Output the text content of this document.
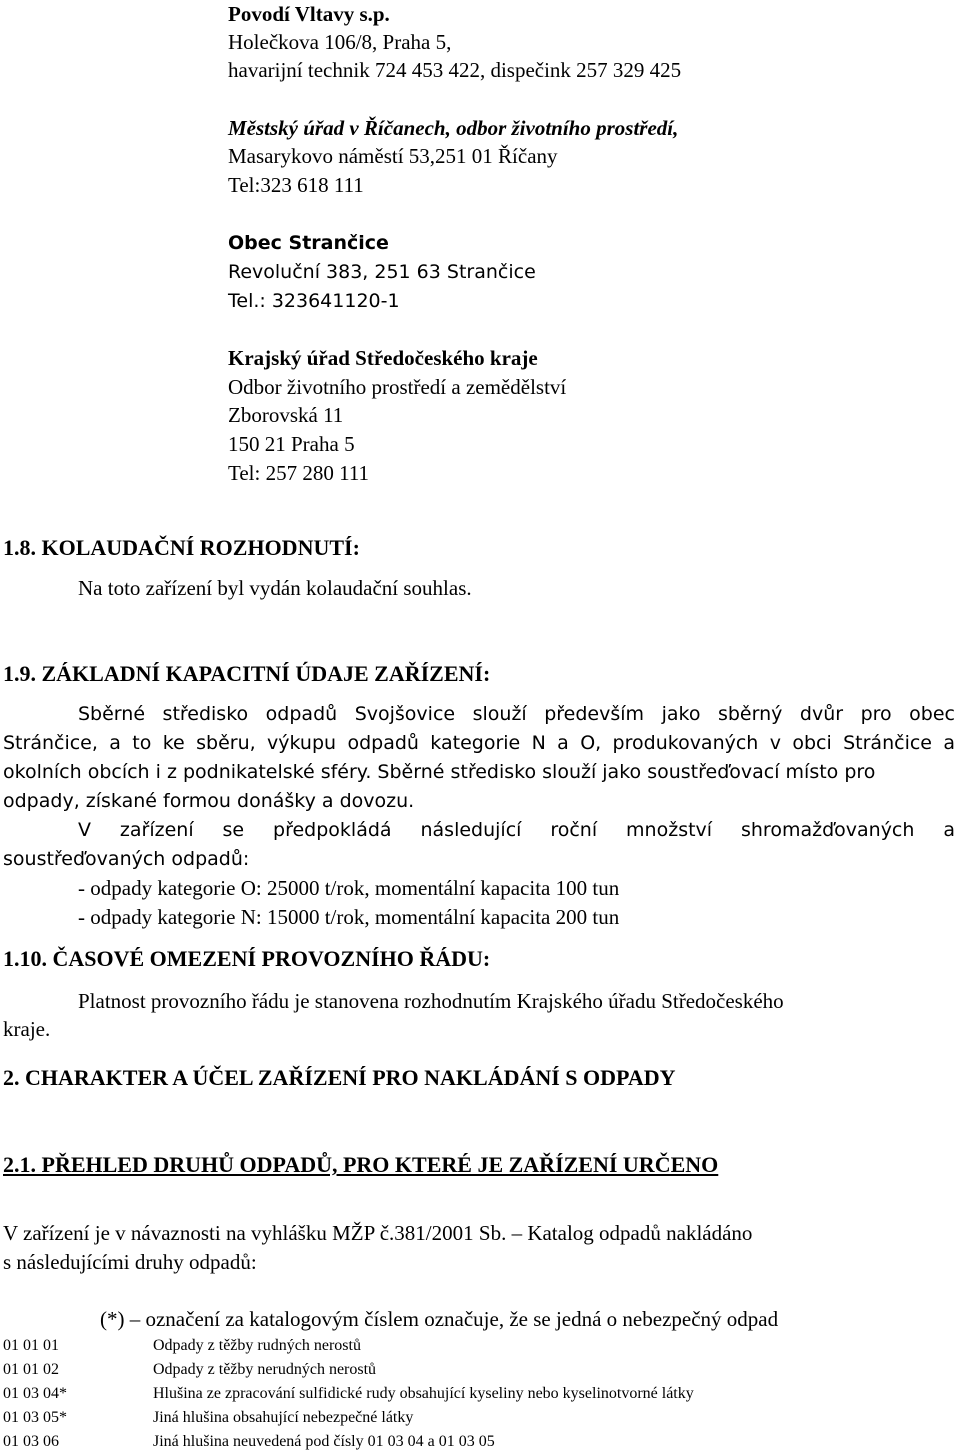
Povodí Vltavy s.p.
Holečkova 106/8, Praha 5,
havarijní technik 724 453 422, dispečink 257 329 425
Městský úřad v Říčanech, odbor životního prostředí,
Masarykovo náměstí 53,251 01 Říčany
Tel:323 618 111
Obec Strančice
Revoluční 383, 251 63 Strančice
Tel.: 323641120-1
Krajský úřad Středočeského kraje
Odbor životního prostředí a zemědělství
Zborovská 11
150 21 Praha 5
Tel: 257 280 111
1.8. KOLAUDAČNÍ ROZHODNUTÍ:
Na toto zařízení byl vydán kolaudační souhlas.
1.9. ZÁKLADNÍ KAPACITNÍ ÚDAJE ZAŘÍZENÍ:
Sběrné středisko odpadů Svojšovice slouží především jako sběrný dvůr pro obec
Stránčice, a to ke sběru, výkupu odpadů kategorie N a O, produkovaných v obci Stránčice a
okolních obcích i z podnikatelské sféry. Sběrné středisko slouží jako soustřeďovací místo pro
odpady, získané formou donášky a dovozu.
V zařízení se předpokládá následující roční množství shromažďovaných a
soustřeďovaných odpadů:
- odpady kategorie O: 25000 t/rok, momentální kapacita 100 tun
- odpady kategorie N: 15000 t/rok, momentální kapacita 200 tun
1.10. ČASOVÉ OMEZENÍ PROVOZNÍHO ŘÁDU:
Platnost provozního řádu je stanovena rozhodnutím Krajského úřadu Středočeského
kraje.
2. CHARAKTER A ÚČEL ZAŘÍZENÍ PRO NAKLÁDÁNÍ S ODPADY
2.1. PŘEHLED DRUHŮ ODPADŮ, PRO KTERÉ JE ZAŘÍZENÍ URČENO
V zařízení je v návaznosti na vyhlášku MŽP č.381/2001 Sb. – Katalog odpadů nakládáno
s následujícími druhy odpadů:
(*) – označení za katalogovým číslem označuje, že se jedná o nebezpečný odpad
01 01 01	Odpady z těžby rudných nerostů
01 01 02	Odpady z těžby nerudných nerostů
01 03 04*	Hlušina ze zpracování sulfidické rudy obsahující kyseliny nebo kyselinotvorné látky
01 03 05*	Jiná hlušina obsahující nebezpečné látky
01 03 06	Jiná hlušina neuvedená pod čísly 01 03 04 a 01 03 05
